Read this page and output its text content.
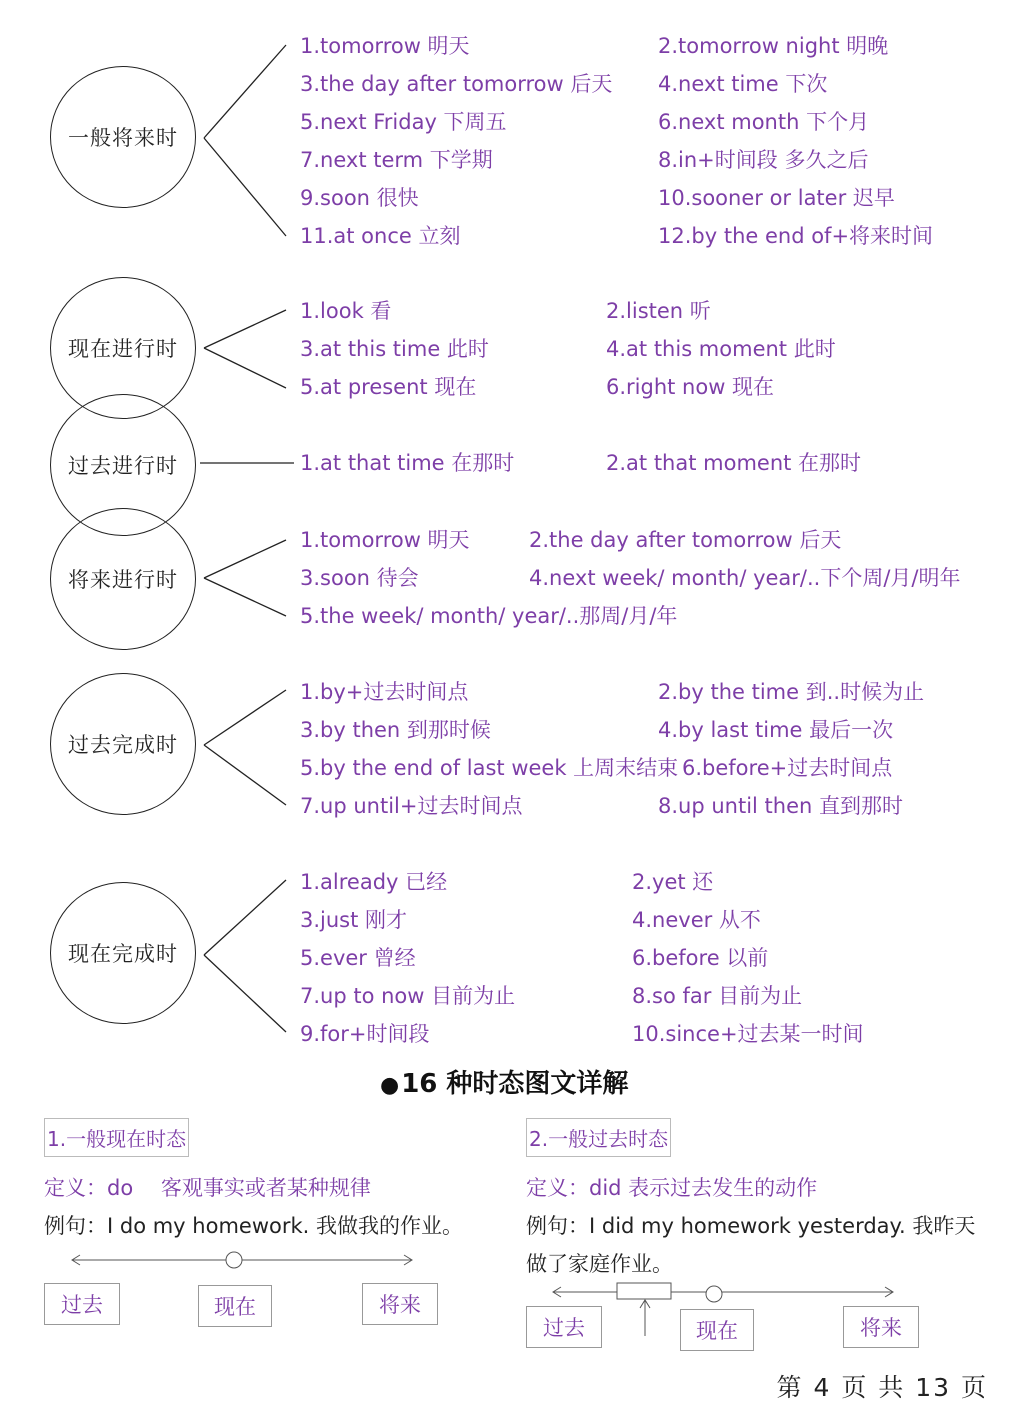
一般将来时
现在进行时
过去进行时
将来进行时
过去完成时
现在完成时
1.tomorrow 明天	2.tomorrow night 明晚
3.the day after tomorrow 后天 4.next time 下次
5.next Friday 下周五	6.next month 下个月
7.next term 下学期	8.in+时间段 多久之后
9.soon 很快	10.sooner or later 迟早
11.at once 立刻	12.by the end of+将来时间
1.look 看	2.listen 听
3.at this time 此时	4.at this moment 此时
5.at present 现在	6.right now 现在
1.at that time 在那时	2.at that moment 在那时
1.tomorrow 明天	2.the day after tomorrow 后天
3.soon 待会	4.next week/ month/ year/..下个周/月/明年
5.the week/ month/ year/..那周/月/年
1.by+过去时间点	2.by the time 到..时候为止
3.by then 到那时候	4.by last time 最后一次
5.by the end of last week 上周末结束 6.before+过去时间点
7.up until+过去时间点	8.up until then 直到那时
1.already 已经	2.yet 还
3.just 刚才	4.never 从不
5.ever 曾经	6.before 以前
7.up to now 目前为止	8.so far 目前为止
9.for+时间段	10.since+过去某一时间
●16 种时态图文详解
1.一般现在时态
定义：do　 客观事实或者某种规律
例句：I do my homework. 我做我的作业。
过去	现在	将来
2.一般过去时态
定义：did 表示过去发生的动作
例句：I did my homework yesterday. 我昨天
做了家庭作业。
过去	现在	将来
第 4 页 共 13 页
